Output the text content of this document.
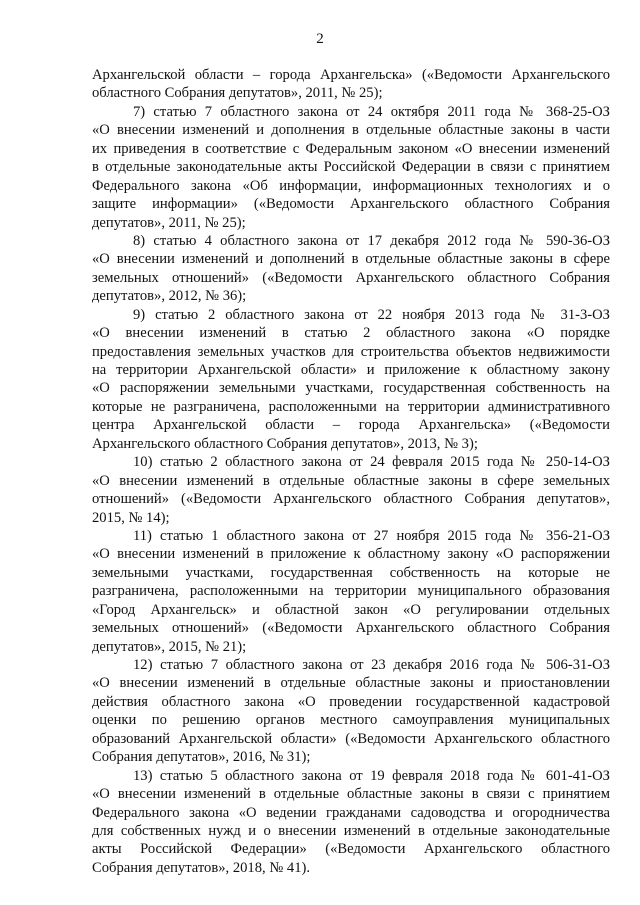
2
Архангельской области – города Архангельска» («Ведомости Архангельского
областного Собрания депутатов», 2011, № 25);
7) статью 7 областного закона от 24 октября 2011 года № 368-25-ОЗ
«О внесении изменений и дополнения в отдельные областные законы в части
их приведения в соответствие с Федеральным законом «О внесении изменений
в отдельные законодательные акты Российской Федерации в связи с принятием
Федерального закона «Об информации, информационных технологиях и о
защите информации» («Ведомости Архангельского областного Собрания
депутатов», 2011, № 25);
8) статью 4 областного закона от 17 декабря 2012 года № 590-36-ОЗ
«О внесении изменений и дополнений в отдельные областные законы в сфере
земельных отношений» («Ведомости Архангельского областного Собрания
депутатов», 2012, № 36);
9) статью 2 областного закона от 22 ноября 2013 года № 31-3-ОЗ
«О внесении изменений в статью 2 областного закона «О порядке
предоставления земельных участков для строительства объектов недвижимости
на территории Архангельской области» и приложение к областному закону
«О распоряжении земельными участками, государственная собственность на
которые не разграничена, расположенными на территории административного
центра Архангельской области – города Архангельска» («Ведомости
Архангельского областного Собрания депутатов», 2013, № 3);
10) статью 2 областного закона от 24 февраля 2015 года № 250-14-ОЗ
«О внесении изменений в отдельные областные законы в сфере земельных
отношений» («Ведомости Архангельского областного Собрания депутатов»,
2015, № 14);
11) статью 1 областного закона от 27 ноября 2015 года № 356-21-ОЗ
«О внесении изменений в приложение к областному закону «О распоряжении
земельными участками, государственная собственность на которые не
разграничена, расположенными на территории муниципального образования
«Город Архангельск» и областной закон «О регулировании отдельных
земельных отношений» («Ведомости Архангельского областного Собрания
депутатов», 2015, № 21);
12) статью 7 областного закона от 23 декабря 2016 года № 506-31-ОЗ
«О внесении изменений в отдельные областные законы и приостановлении
действия областного закона «О проведении государственной кадастровой
оценки по решению органов местного самоуправления муниципальных
образований Архангельской области» («Ведомости Архангельского областного
Собрания депутатов», 2016, № 31);
13) статью 5 областного закона от 19 февраля 2018 года № 601-41-ОЗ
«О внесении изменений в отдельные областные законы в связи с принятием
Федерального закона «О ведении гражданами садоводства и огородничества
для собственных нужд и о внесении изменений в отдельные законодательные
акты Российской Федерации» («Ведомости Архангельского областного
Собрания депутатов», 2018, № 41).
